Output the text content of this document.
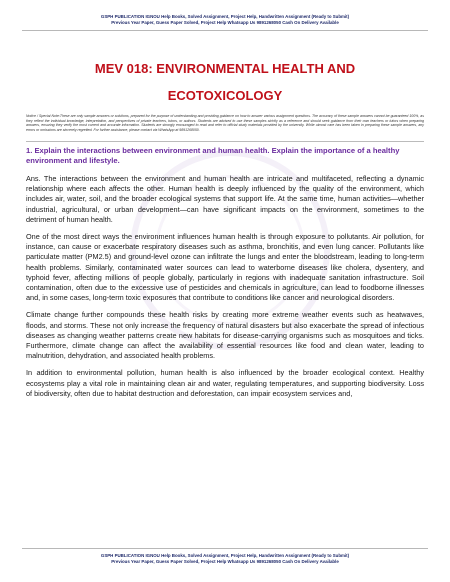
GSPH PUBLICATION IGNOU Help Books, Solved Assignment, Project Help, Handwritten Assignment (Ready to Submit)
Previous Year Paper, Guess Paper Solved, Project Help Whatsapp Us 9891268050 Cash On Delivery Available
MEV 018: ENVIRONMENTAL HEALTH AND
ECOTOXICOLOGY
Notice / Special Note:These are only sample answers or solutions, prepared for the purpose of understanding and providing guidance on how to answer various assignment questions. The accuracy of these sample answers cannot be guaranteed 100%, as they reflect the individual knowledge, interpretation, and perspectives of private teachers, tutors, or authors. Students are advised to use these samples strictly as a reference and should seek guidance from their own teachers or tutors when preparing answers, ensuring they verify the most current and accurate information. Students are strongly encouraged to read and refer to official study materials provided by the university. While utmost care has been taken in preparing these sample answers, any errors or omissions are sincerely regretted. For further assistance, please contact via WhatsApp at 9891268050.
1. Explain the interactions between environment and human health. Explain the importance of a healthy environment and lifestyle.

Ans. The interactions between the environment and human health are intricate and multifaceted, reflecting a dynamic relationship where each affects the other. Human health is deeply influenced by the quality of the environment, which includes air, water, soil, and the broader ecological systems that support life. At the same time, human activities—whether industrial, agricultural, or urban development—can have significant impacts on the environment, sometimes to the detriment of human health.

One of the most direct ways the environment influences human health is through exposure to pollutants. Air pollution, for instance, can cause or exacerbate respiratory diseases such as asthma, bronchitis, and even lung cancer. Pollutants like particulate matter (PM2.5) and ground-level ozone can infiltrate the lungs and enter the bloodstream, leading to long-term health problems. Similarly, contaminated water sources can lead to waterborne diseases like cholera, dysentery, and typhoid fever, affecting millions of people globally, particularly in regions with inadequate sanitation infrastructure. Soil contamination, often due to the excessive use of pesticides and chemicals in agriculture, can lead to foodborne illnesses and, in some cases, long-term toxic exposures that contribute to conditions like cancer and neurological disorders.

Climate change further compounds these health risks by creating more extreme weather events such as heatwaves, floods, and storms. These not only increase the frequency of natural disasters but also exacerbate the spread of infectious diseases as changing weather patterns create new habitats for disease-carrying organisms such as mosquitoes and ticks. Furthermore, climate change can affect the availability of essential resources like food and clean water, leading to malnutrition, dehydration, and associated health problems.

In addition to environmental pollution, human health is also influenced by the broader ecological context. Healthy ecosystems play a vital role in maintaining clean air and water, regulating temperatures, and supporting biodiversity. Loss of biodiversity, often due to habitat destruction and deforestation, can impair ecosystem services and,

GSPH PUBLICATION IGNOU Help Books, Solved Assignment, Project Help, Handwritten Assignment (Ready to Submit)
Previous Year Paper, Guess Paper Solved, Project Help Whatsapp Us 9891268050 Cash On Delivery Available
